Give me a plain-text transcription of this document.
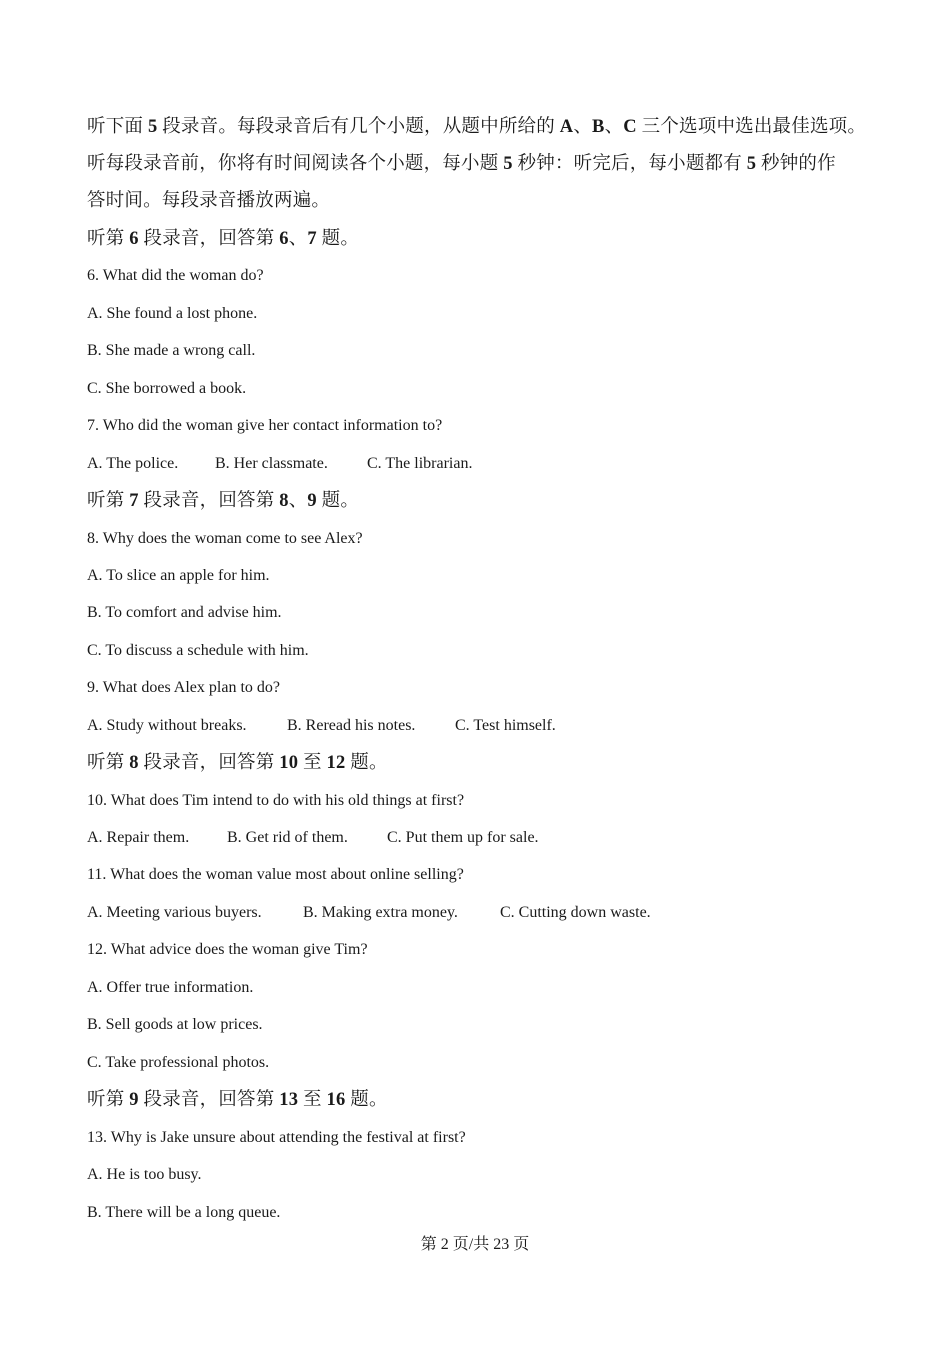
听下面 5 段录音。每段录音后有几个小题，从题中所给的 A、B、C 三个选项中选出最佳选项。
听每段录音前，你将有时间阅读各个小题，每小题 5 秒钟：听完后，每小题都有 5 秒钟的作
答时间。每段录音播放两遍。
听第 6 段录音，回答第 6、7 题。
6. What did the woman do?
A. She found a lost phone.
B. She made a wrong call.
C. She borrowed a book.
7. Who did the woman give her contact information to?
A. The police. B. Her classmate. C. The librarian.
听第 7 段录音，回答第 8、9 题。
8. Why does the woman come to see Alex?
A. To slice an apple for him.
B. To comfort and advise him.
C. To discuss a schedule with him.
9. What does Alex plan to do?
A. Study without breaks.	B. Reread his notes. C. Test himself.
听第 8 段录音，回答第 10 至 12 题。
10. What does Tim intend to do with his old things at first?
A. Repair them. B. Get rid of them. C. Put them up for sale.
11. What does the woman value most about online selling?
A. Meeting various buyers.	B. Making extra money.	C. Cutting down waste.
12. What advice does the woman give Tim?
A. Offer true information.
B. Sell goods at low prices.
C. Take professional photos.
听第 9 段录音，回答第 13 至 16 题。
13. Why is Jake unsure about attending the festival at first?
A. He is too busy.
B. There will be a long queue.
第 2 页/共 23 页
